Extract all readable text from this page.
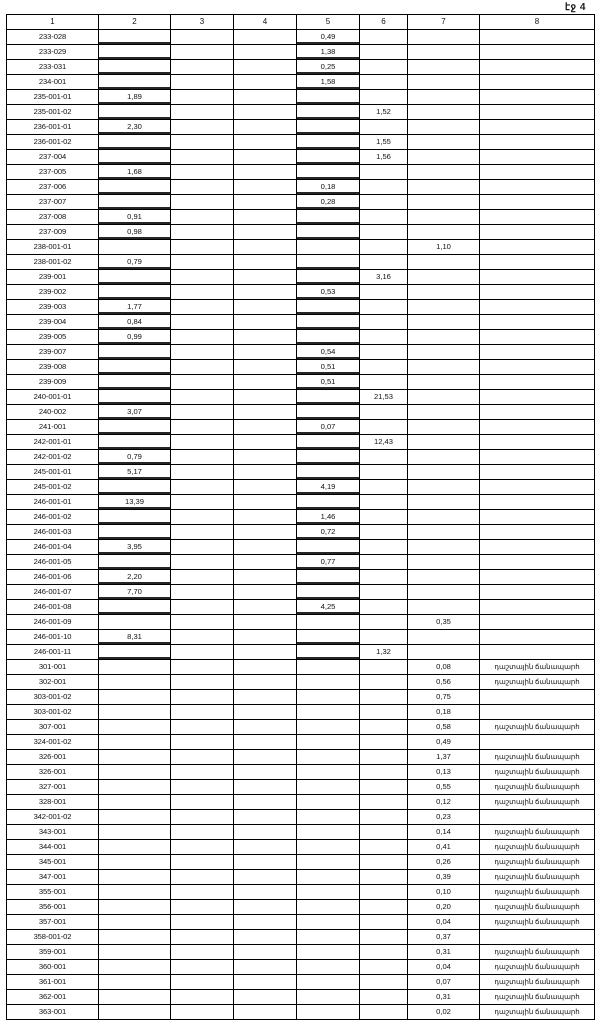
էջ 4
1	2	3	4	5	6	7	8
233-028				0,49			
233-029				1,38			
233-031				0,25			
234-001				1,58			
235-001-01	1,89						
235-001-02					1,52		
236-001-01	2,30						
236-001-02					1,55		
237-004					1,56		
237-005	1,68						
237-006				0,18			
237-007				0,28			
237-008	0,91						
237-009	0,98						
238-001-01						1,10	
238-001-02	0,79						
239-001					3,16		
239-002				0,53			
239-003	1,77						
239-004	0,84						
239-005	0,99						
239-007				0,54			
239-008				0,51			
239-009				0,51			
240-001-01					21,53		
240-002	3,07						
241-001				0,07			
242-001-01					12,43		
242-001-02	0,79						
245-001-01	5,17						
245-001-02				4,19			
246-001-01	13,39						
246-001-02				1,46			
246-001-03				0,72			
246-001-04	3,95						
246-001-05				0,77			
246-001-06	2,20						
246-001-07	7,70						
246-001-08				4,25			
246-001-09						0,35	
246-001-10	8,31						
246-001-11					1,32		
301-001						0,08	դաշտային ճանապարհ
302-001						0,56	դաշտային ճանապարհ
303-001-02						0,75	
303-001-02						0,18	
307-001						0,58	դաշտային ճանապարհ
324-001-02						0,49	
326-001						1,37	դաշտային ճանապարհ
326-001						0,13	դաշտային ճանապարհ
327-001						0,55	դաշտային ճանապարհ
328-001						0,12	դաշտային ճանապարհ
342-001-02						0,23	
343-001						0,14	դաշտային ճանապարհ
344-001						0,41	դաշտային ճանապարհ
345-001						0,26	դաշտային ճանապարհ
347-001						0,39	դաշտային ճանապարհ
355-001						0,10	դաշտային ճանապարհ
356-001						0,20	դաշտային ճանապարհ
357-001						0,04	դաշտային ճանապարհ
358-001-02						0,37	
359-001						0,31	դաշտային ճանապարհ
360-001						0,04	դաշտային ճանապարհ
361-001						0,07	դաշտային ճանապարհ
362-001						0,31	դաշտային ճանապարհ
363-001						0,02	դաշտային ճանապարհ
